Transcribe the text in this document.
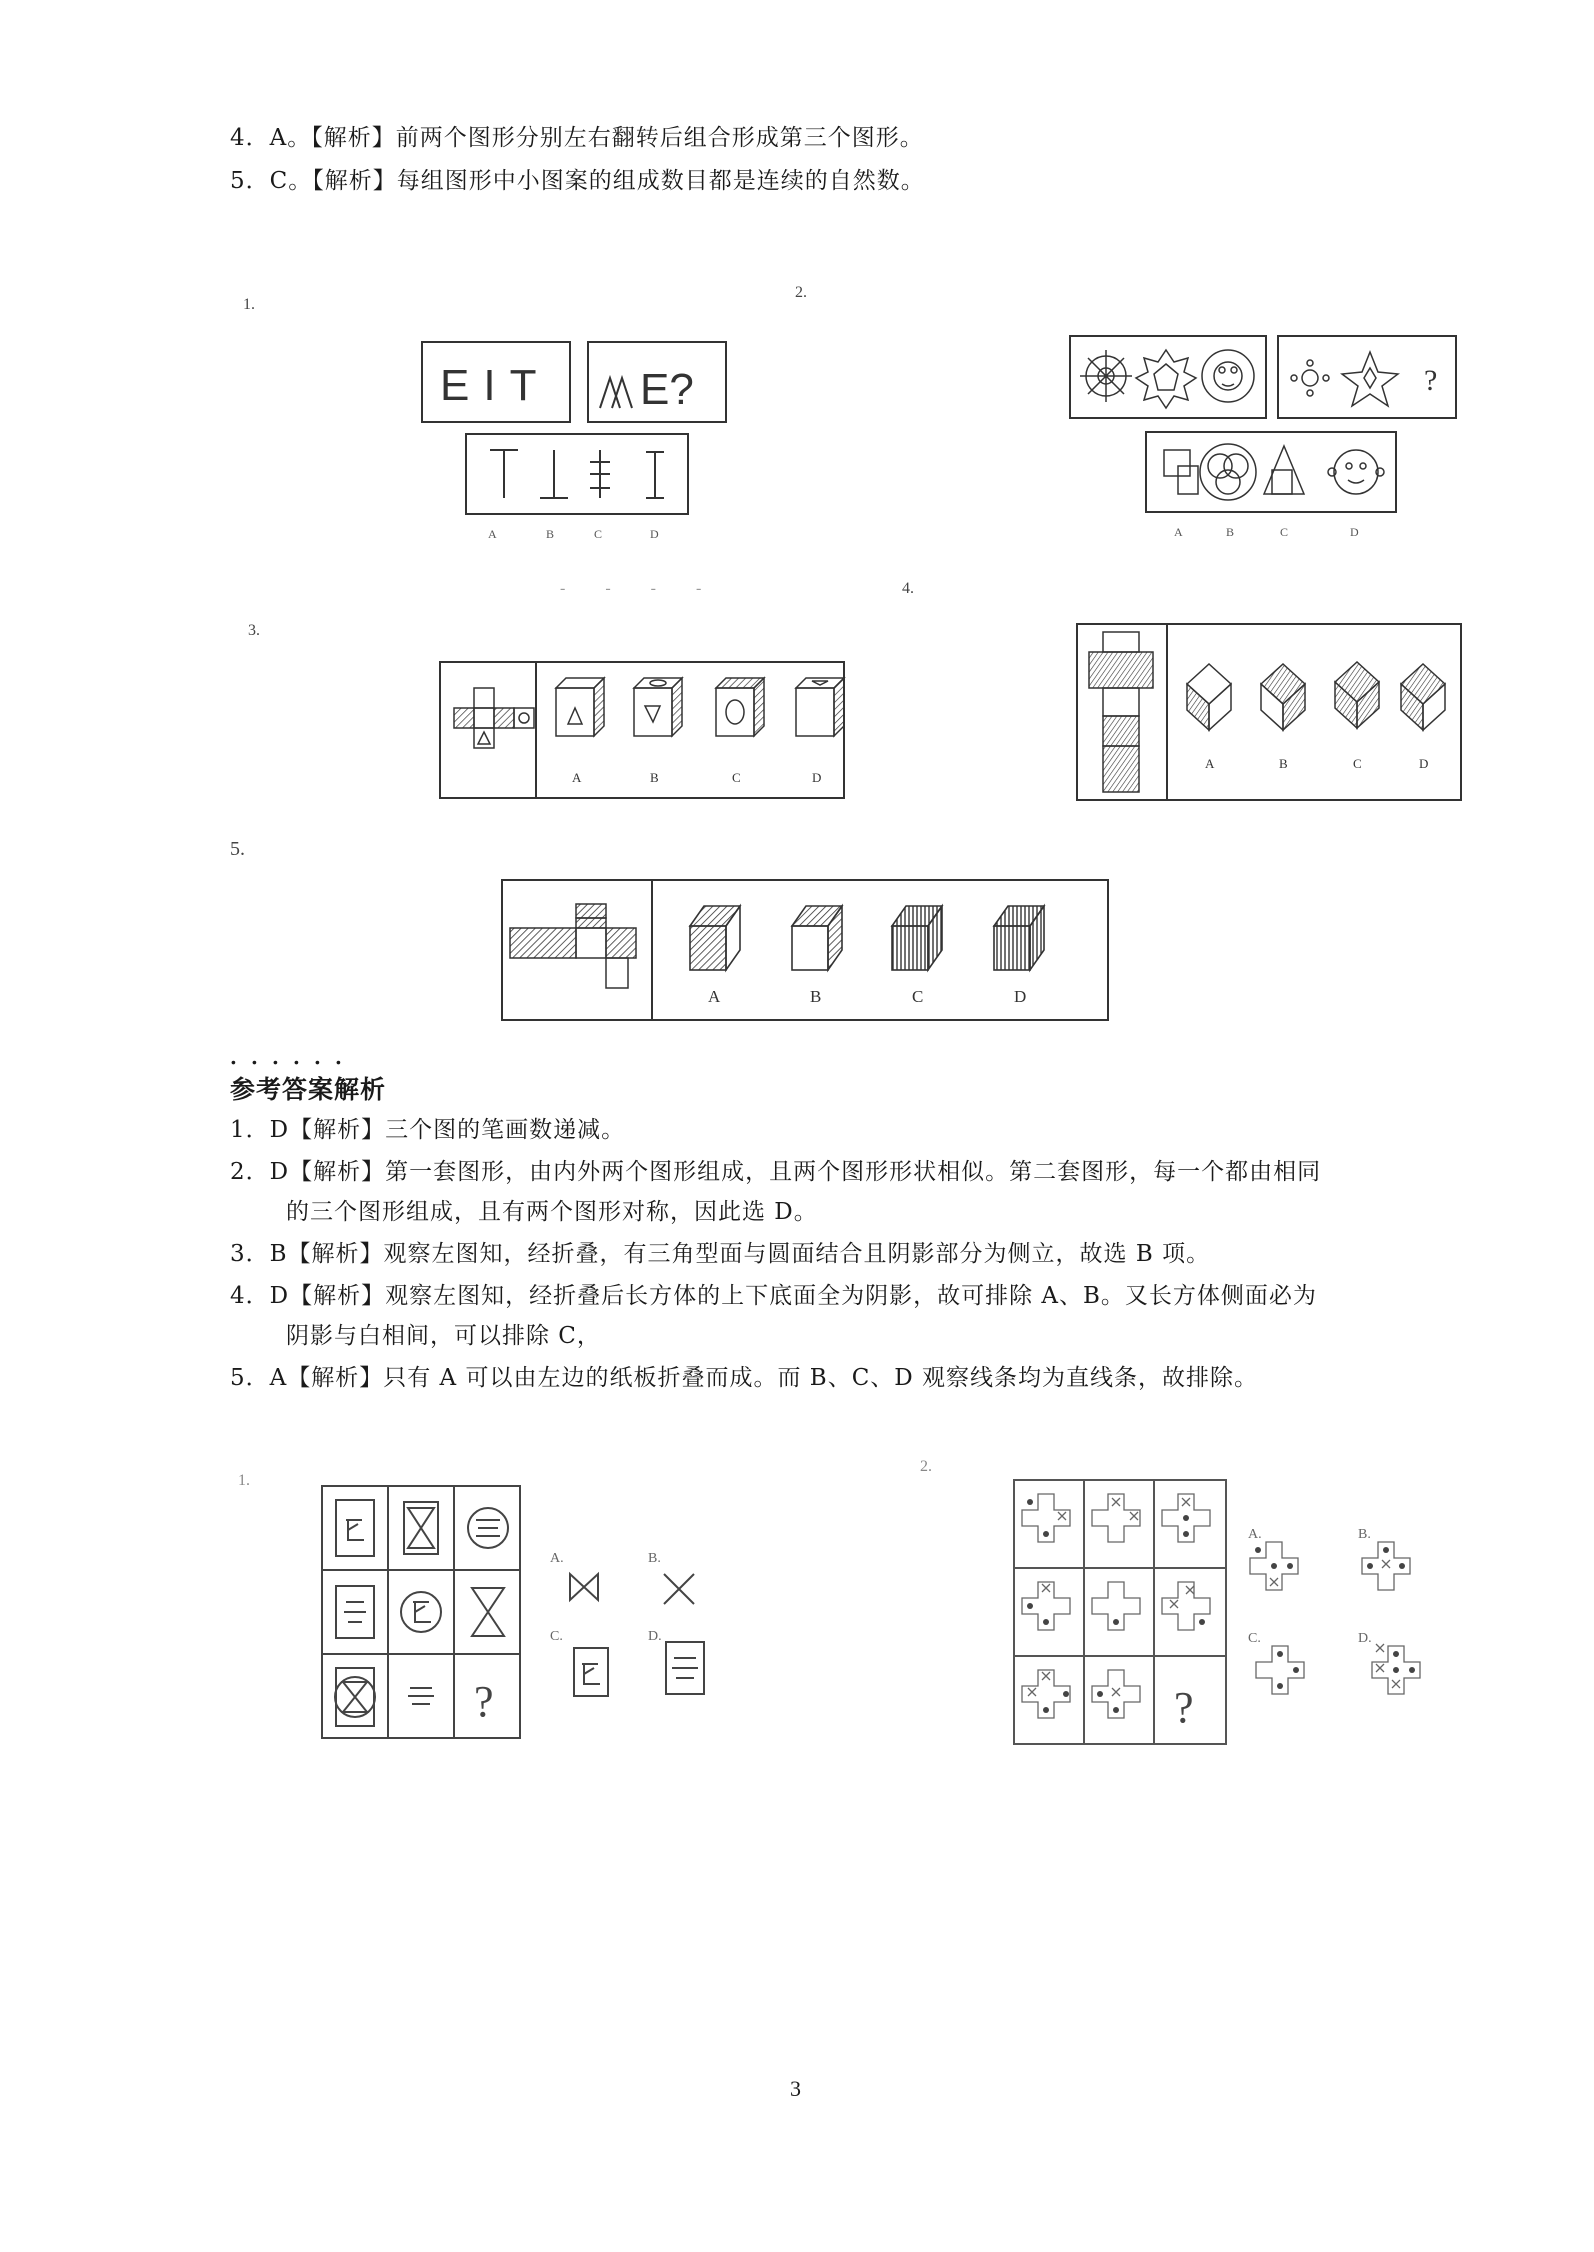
4．A。【解析】前两个图形分别左右翻转后组合形成第三个图形。
5．C。【解析】每组图形中小图案的组成数目都是连续的自然数。
1.
2.
3.
4.
5.
EIT E?
A	B	C	D
?
A	B	C	D
- - - -
A	B	C	D
A	B	C	D
A	B	C	D
．．．．．．
参考答案解析
1．D【解析】三个图的笔画数递减。
2．D【解析】第一套图形，由内外两个图形组成，且两个图形形状相似。第二套图形，每一个都由相同
的三个图形组成，且有两个图形对称，因此选 D。
3．B【解析】观察左图知，经折叠，有三角型面与圆面结合且阴影部分为侧立，故选 B 项。
4．D【解析】观察左图知，经折叠后长方体的上下底面全为阴影，故可排除 A、B。又长方体侧面必为
阴影与白相间，可以排除 C，
5．A【解析】只有 A 可以由左边的纸板折叠而成。而 B、C、D 观察线条均为直线条，故排除。
1.
2.
?
A.	B.
C.	D.
?
A.	B.
C.	D.
3
